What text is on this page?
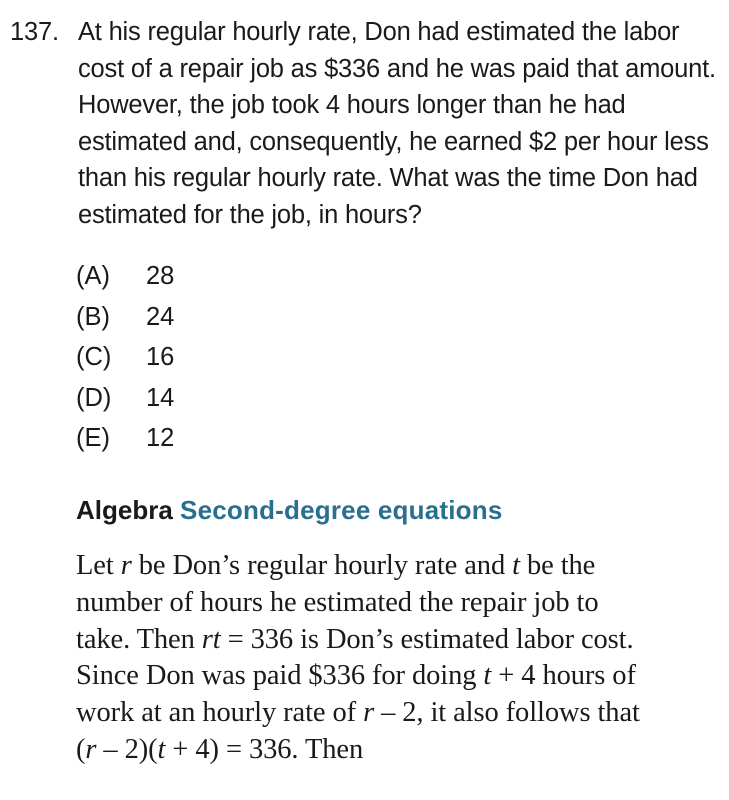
137. At his regular hourly rate, Don had estimated the labor cost of a repair job as $336 and he was paid that amount. However, the job took 4 hours longer than he had estimated and, consequently, he earned $2 per hour less than his regular hourly rate. What was the time Don had estimated for the job, in hours?
(A)	28
(B)	24
(C)	16
(D)	14
(E)	12
Algebra Second-degree equations
Let r be Don’s regular hourly rate and t be the
number of hours he estimated the repair job to
take. Then rt = 336 is Don’s estimated labor cost.
Since Don was paid $336 for doing t + 4 hours of
work at an hourly rate of r – 2, it also follows that
(r – 2)(t + 4) = 336. Then
